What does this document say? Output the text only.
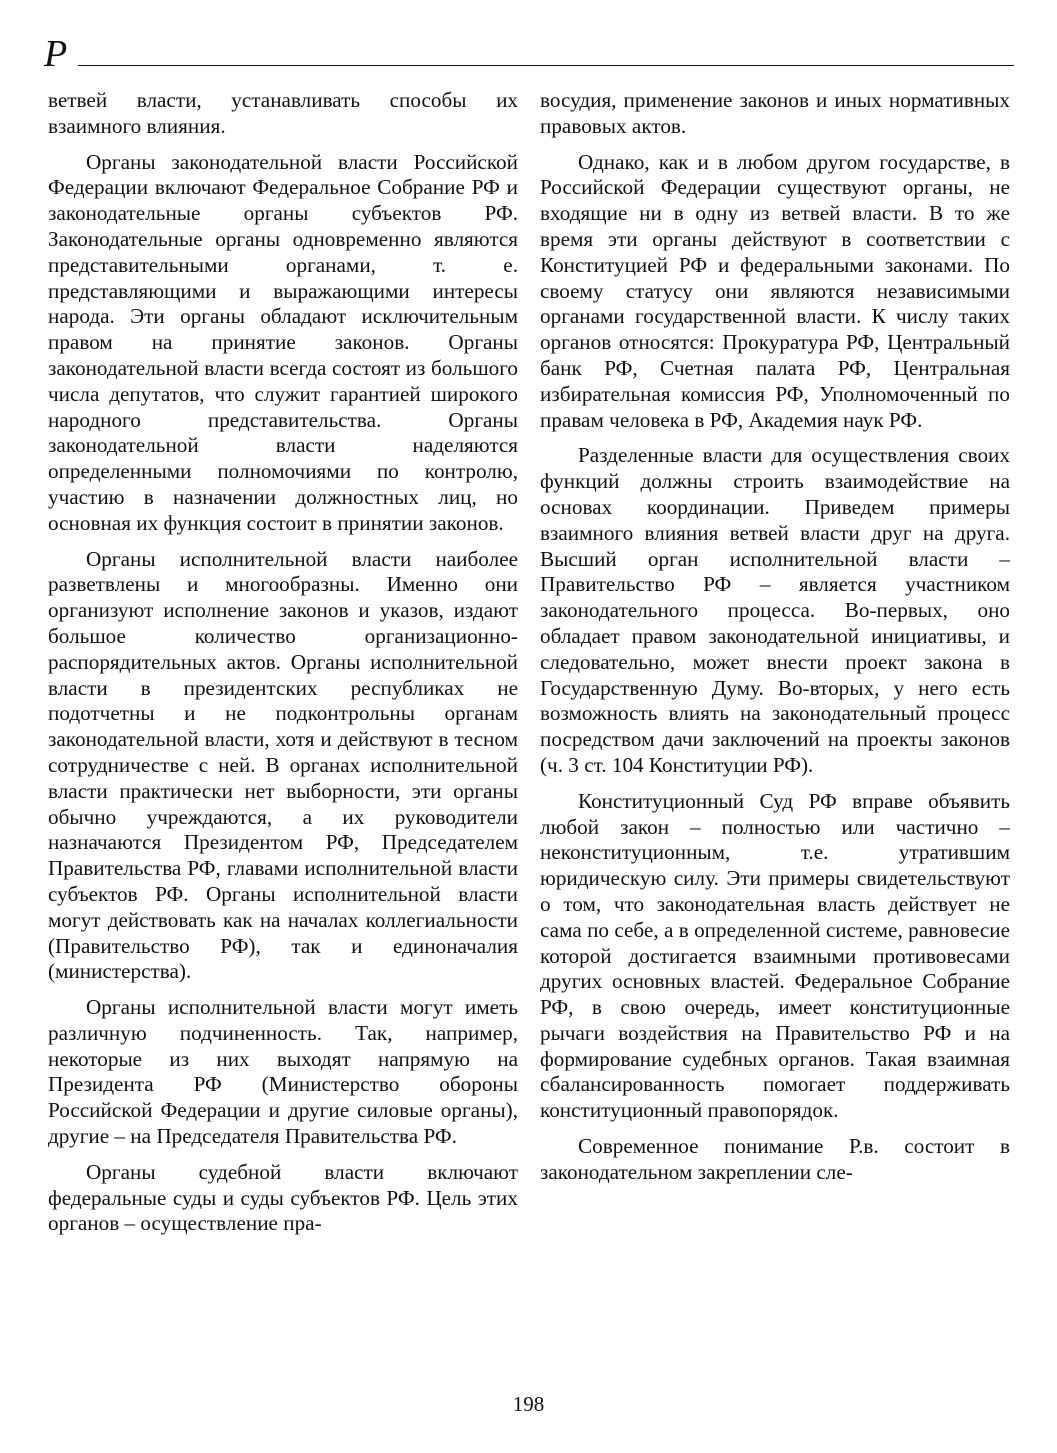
Р

ветвей власти, устанавливать способы их взаимного влияния.

Органы законодательной власти Российской Федерации включают Федеральное Собрание РФ и законодательные органы субъектов РФ. Законодательные органы одновременно являются представительными органами, т. е. представляющими и выражающими интересы народа. Эти органы обладают исключительным правом на принятие законов. Органы законодательной власти всегда состоят из большого числа депутатов, что служит гарантией широкого народного представительства. Органы законодательной власти наделяются определенными полномочиями по контролю, участию в назначении должностных лиц, но основная их функция состоит в принятии законов.

Органы исполнительной власти наиболее разветвлены и многообразны. Именно они организуют исполнение законов и указов, издают большое количество организационно-распорядительных актов. Органы исполнительной власти в президентских республиках не подотчетны и не подконтрольны органам законодательной власти, хотя и действуют в тесном сотрудничестве с ней. В органах исполнительной власти практически нет выборности, эти органы обычно учреждаются, а их руководители назначаются Президентом РФ, Председателем Правительства РФ, главами исполнительной власти субъектов РФ. Органы исполнительной власти могут действовать как на началах коллегиальности (Правительство РФ), так и единоначалия (министерства).

Органы исполнительной власти могут иметь различную подчиненность. Так, например, некоторые из них выходят напрямую на Президента РФ (Министерство обороны Российской Федерации и другие силовые органы), другие – на Председателя Правительства РФ.

Органы судебной власти включают федеральные суды и суды субъектов РФ. Цель этих органов – осуществление пра-

восудия, применение законов и иных нормативных правовых актов.

Однако, как и в любом другом государстве, в Российской Федерации существуют органы, не входящие ни в одну из ветвей власти. В то же время эти органы действуют в соответствии с Конституцией РФ и федеральными законами. По своему статусу они являются независимыми органами государственной власти. К числу таких органов относятся: Прокуратура РФ, Центральный банк РФ, Счетная палата РФ, Центральная избирательная комиссия РФ, Уполномоченный по правам человека в РФ, Академия наук РФ.

Разделенные власти для осуществления своих функций должны строить взаимодействие на основах координации. Приведем примеры взаимного влияния ветвей власти друг на друга. Высший орган исполнительной власти – Правительство РФ – является участником законодательного процесса. Во-первых, оно обладает правом законодательной инициативы, и следовательно, может внести проект закона в Государственную Думу. Во-вторых, у него есть возможность влиять на законодательный процесс посредством дачи заключений на проекты законов (ч. 3 ст. 104 Конституции РФ).

Конституционный Суд РФ вправе объявить любой закон – полностью или частично – неконституционным, т.е. утратившим юридическую силу. Эти примеры свидетельствуют о том, что законодательная власть действует не сама по себе, а в определенной системе, равновесие которой достигается взаимными противовесами других основных властей. Федеральное Собрание РФ, в свою очередь, имеет конституционные рычаги воздействия на Правительство РФ и на формирование судебных органов. Такая взаимная сбалансированность помогает поддерживать конституционный правопорядок.

Современное понимание Р.в. состоит в законодательном закреплении сле-

198
